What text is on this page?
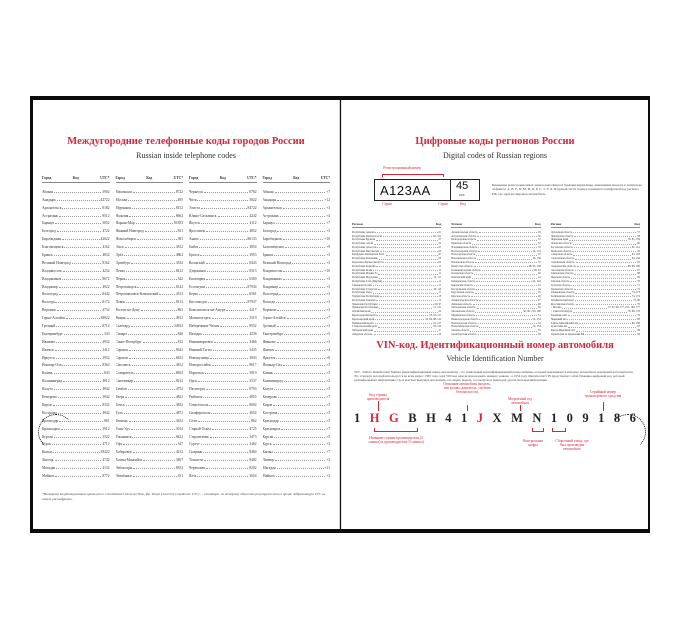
Междугородние телефонные коды городов России
Russian inside telephone codes
Город	Код	UTC*
Абакан	3902
Анадырь	42722
Архангельск	8182
Астрахань	8512
Барнаул	3852
Белгород	4722
Биробиджан	42622
Благовещенск	4162
Брянск	4832
Великий Новгород	8162
Владивосток	4232
Владикавказ	8672
Владимир	4922
Волгоград	8442
Вологда	8172
Воронеж	4732
Горно-Алтайск	38822
Грозный	8712
Екатеринбург	343
Иваново	4932
Ижевск	3412
Иркутск	3952
Йошкар-Ола	8362
Казань	843
Калининград	4012
Калуга	4842
Кемерово	3842
Киров	8332
Кострома	4942
Краснодар	861
Красноярск	3912
Курган	3522
Курск	4712
Кызыл	39422
Липецк	4742
Магадан	4132
Майкоп	8772
Город	Код	UTC*
Махачкала	8722
Москва	495
Мурманск	8152
Нальчик	8662
Нарьян-Мар	81853
Нижний Новгород	831
Новосибирск	383
Омск	3812
Орёл	4862
Оренбург	3532
Пенза	8412
Пермь	342
Петрозаводск	8142
Петропавловск-Камчатский	4152
Псков	8112
Ростов-на-Дону	863
Рязань	4912
Салехард	34922
Самара	846
Санкт-Петербург	812
Саранск	8342
Саратов	8452
Смоленск	4812
Ставрополь	8652
Сыктывкар	8212
Тамбов	4752
Тверь	4822
Томск	3822
Тула	4872
Тюмень	3452
Улан-Удэ	3012
Ульяновск	8422
Уфа	347
Хабаровск	4212
Ханты-Мансийск	3467
Чебоксары	8352
Челябинск	351
Город	Код	UTC*
Черкесск	8782
Чита	3022
Элиста	84722
Южно-Сахалинск	4242
Якутск	4112
Ярославль	4852
Анапа	86133
Бийск	3854
Братск	3953
Волжский	8443
Дзержинск	8313
Евпатория	6569
Ессентуки	87934
Керчь	6561
Кисловодск	87937
Комсомольск-на-Амуре	4217
Магнитогорск	3519
Набережные Челны	8552
Находка	4236
Нижневартовск	3466
Нижний Тагил	3435
Новокузнецк	3843
Новороссийск	8617
Норильск	3919
Орск	3537
Пятигорск	8793
Рыбинск	4855
Севастополь	8692
Симферополь	3652
Сочи	862
Старый Оскол	4725
Стерлитамак	3473
Сургут	3462
Сызрань	8464
Тольятти	8482
Череповец	8202
Ялта	3654
Город	Код	UTC*
Абакан	+7
Анадырь	+12
Архангельск	+3
Астрахань	+4
Барнаул	+7
Белгород	+3
Биробиджан	+10
Благовещенск	+9
Брянск	+3
Великий Новгород	+3
Владивосток	+10
Владикавказ	+3
Владимир	+3
Волгоград	+3
Вологда	+3
Воронеж	+3
Горно-Алтайск	+7
Грозный	+3
Екатеринбург	+5
Иваново	+3
Ижевск	+4
Иркутск	+8
Йошкар-Ола	+3
Казань	+3
Калининград	+2
Калуга	+3
Кемерово	+7
Киров	+3
Кострома	+3
Краснодар	+3
Красноярск	+7
Курган	+5
Курск	+3
Кызыл	+7
Липецк	+3
Магадан	+11
Майкоп	+3
*Всемирное координированное время (англ. Coordinated Universal Time, фр. Temps Universel Coordonné, UTC) — стандарт, по которому общество регулирует часы и время. Аббревиатура UTC не имеет расшифровки.
Цифровые коды регионов России
Digital codes of Russian regions
Регистрационный номер
А123АА 45
RUS
Серия	Серия	Код
Буквенная регистрационных знаков выполняется буквами кириллицы, имеющими аналоги в латинском алфавите: А, В, Е, К, М, Н, О, Р, С, Т, У, Х. В правой части номера помещается цифровой код региона РФ, где зарегистрирован автомобиль.
Регион	Код
Республика Адыгея	01
Республика Башкортостан	02, 102
Республика Бурятия	03
Республика Алтай	04
Республика Дагестан	05
Республика Ингушетия	06
Кабардино-Балкарская Респ.	07
Республика Калмыкия	08
Карачаево-Черкесская Респ.	09
Республика Карелия	10
Республика Коми	11
Республика Марий Эл	12
Республика Мордовия	13, 113
Республика Саха (Якутия)	14
Северная Осетия	15
Республика Татарстан	16, 116
Республика Тыва	17
Удмуртская Республика	18
Республика Хакасия	19
Чеченская Республика	20, 95
Чувашская Республика	21, 121
Алтайский край	22
Краснодарский край	23, 93, 123
Красноярский край	24, 84, 88, 124
Приморский край	25, 125
Ставропольский край	26, 126
Хабаровский край	27
Амурская область	28
Регион	Код
Архангельская область	29
Астраханская область	30
Белгородская область	31
Брянская область	32
Владимирская область	33
Волгоградская область	34, 134
Вологодская область	35
Воронежская область	36, 136
Ивановская область	37
Иркутская область	38, 85, 138
Калининградская область	39, 91
Калужская область	40
Камчатский край	41
Кемеровская область	42, 142
Кировская область	43
Костромская область	44
Курганская область	45
Курская область	46
Ленинградская область	47
Липецкая область	48
Магаданская область	49
Московская область	50, 90, 150, 190
Мурманская область	51
Нижегородская область	52, 152
Новгородская область	53
Новосибирская область	54, 154
Омская область	55
Оренбургская область	56
Регион	Код
Орловская область	57
Пензенская область	58
Пермский край	59, 81, 159
Псковская область	60
Ростовская область	61, 161
Рязанская область	62
Самарская область	63, 163
Саратовская область	64, 164
Сахалинская область	65
Свердловская область	66, 96, 196
Смоленская область	67
Тамбовская область	68
Тверская область	69
Томская область	70
Тульская область	71
Тюменская область	72
Ульяновская область	73, 173
Челябинская область	74, 174
Забайкальский край	75, 80
Ярославская область	76
г. Москва	77, 97, 99, 177, 197, 199, 777
г. Санкт-Петербург	78, 98, 178
Еврейская АО	79
Ненецкий АО	83
Ханты-Мансийский АО	86, 186
Чукотский АО	87
Ямало-Ненецкий АО	89
Территории за пределами РФ	94
VIN-код. Идентификационный номер автомобиля
Vehicle Identification Number
VIN - Vehicle Identification Number (идентификационный номер автомобиля) - это уникальный идентификационный номер машины, который присваивается каждому автомобилю компанией-изготовителем. Это стандарт, который используется во всем мире с 1981 года, хотя VIN-код начали использовать немного раньше - в 1954 году. Фактически VIN представляет собой буквенно-цифровой код, который расшифровывает информацию: где и кем был выпущен автомобиль, его марка, модель, год выпуска и некоторая другая полезная информация.
Код страны производителя
Описание автомобиля (модель, тип кузова, двигатель, система безопасности)
Модельный год автомобиля
Серийный номер транспортного средства
1 H G B H 4 1 J X M N 1 0 9 1 8 6
Название страны производителя (2 символ) и производителя (3 символ)	Контрольная цифра
Сборочный завод, где был произведен автомобиль
